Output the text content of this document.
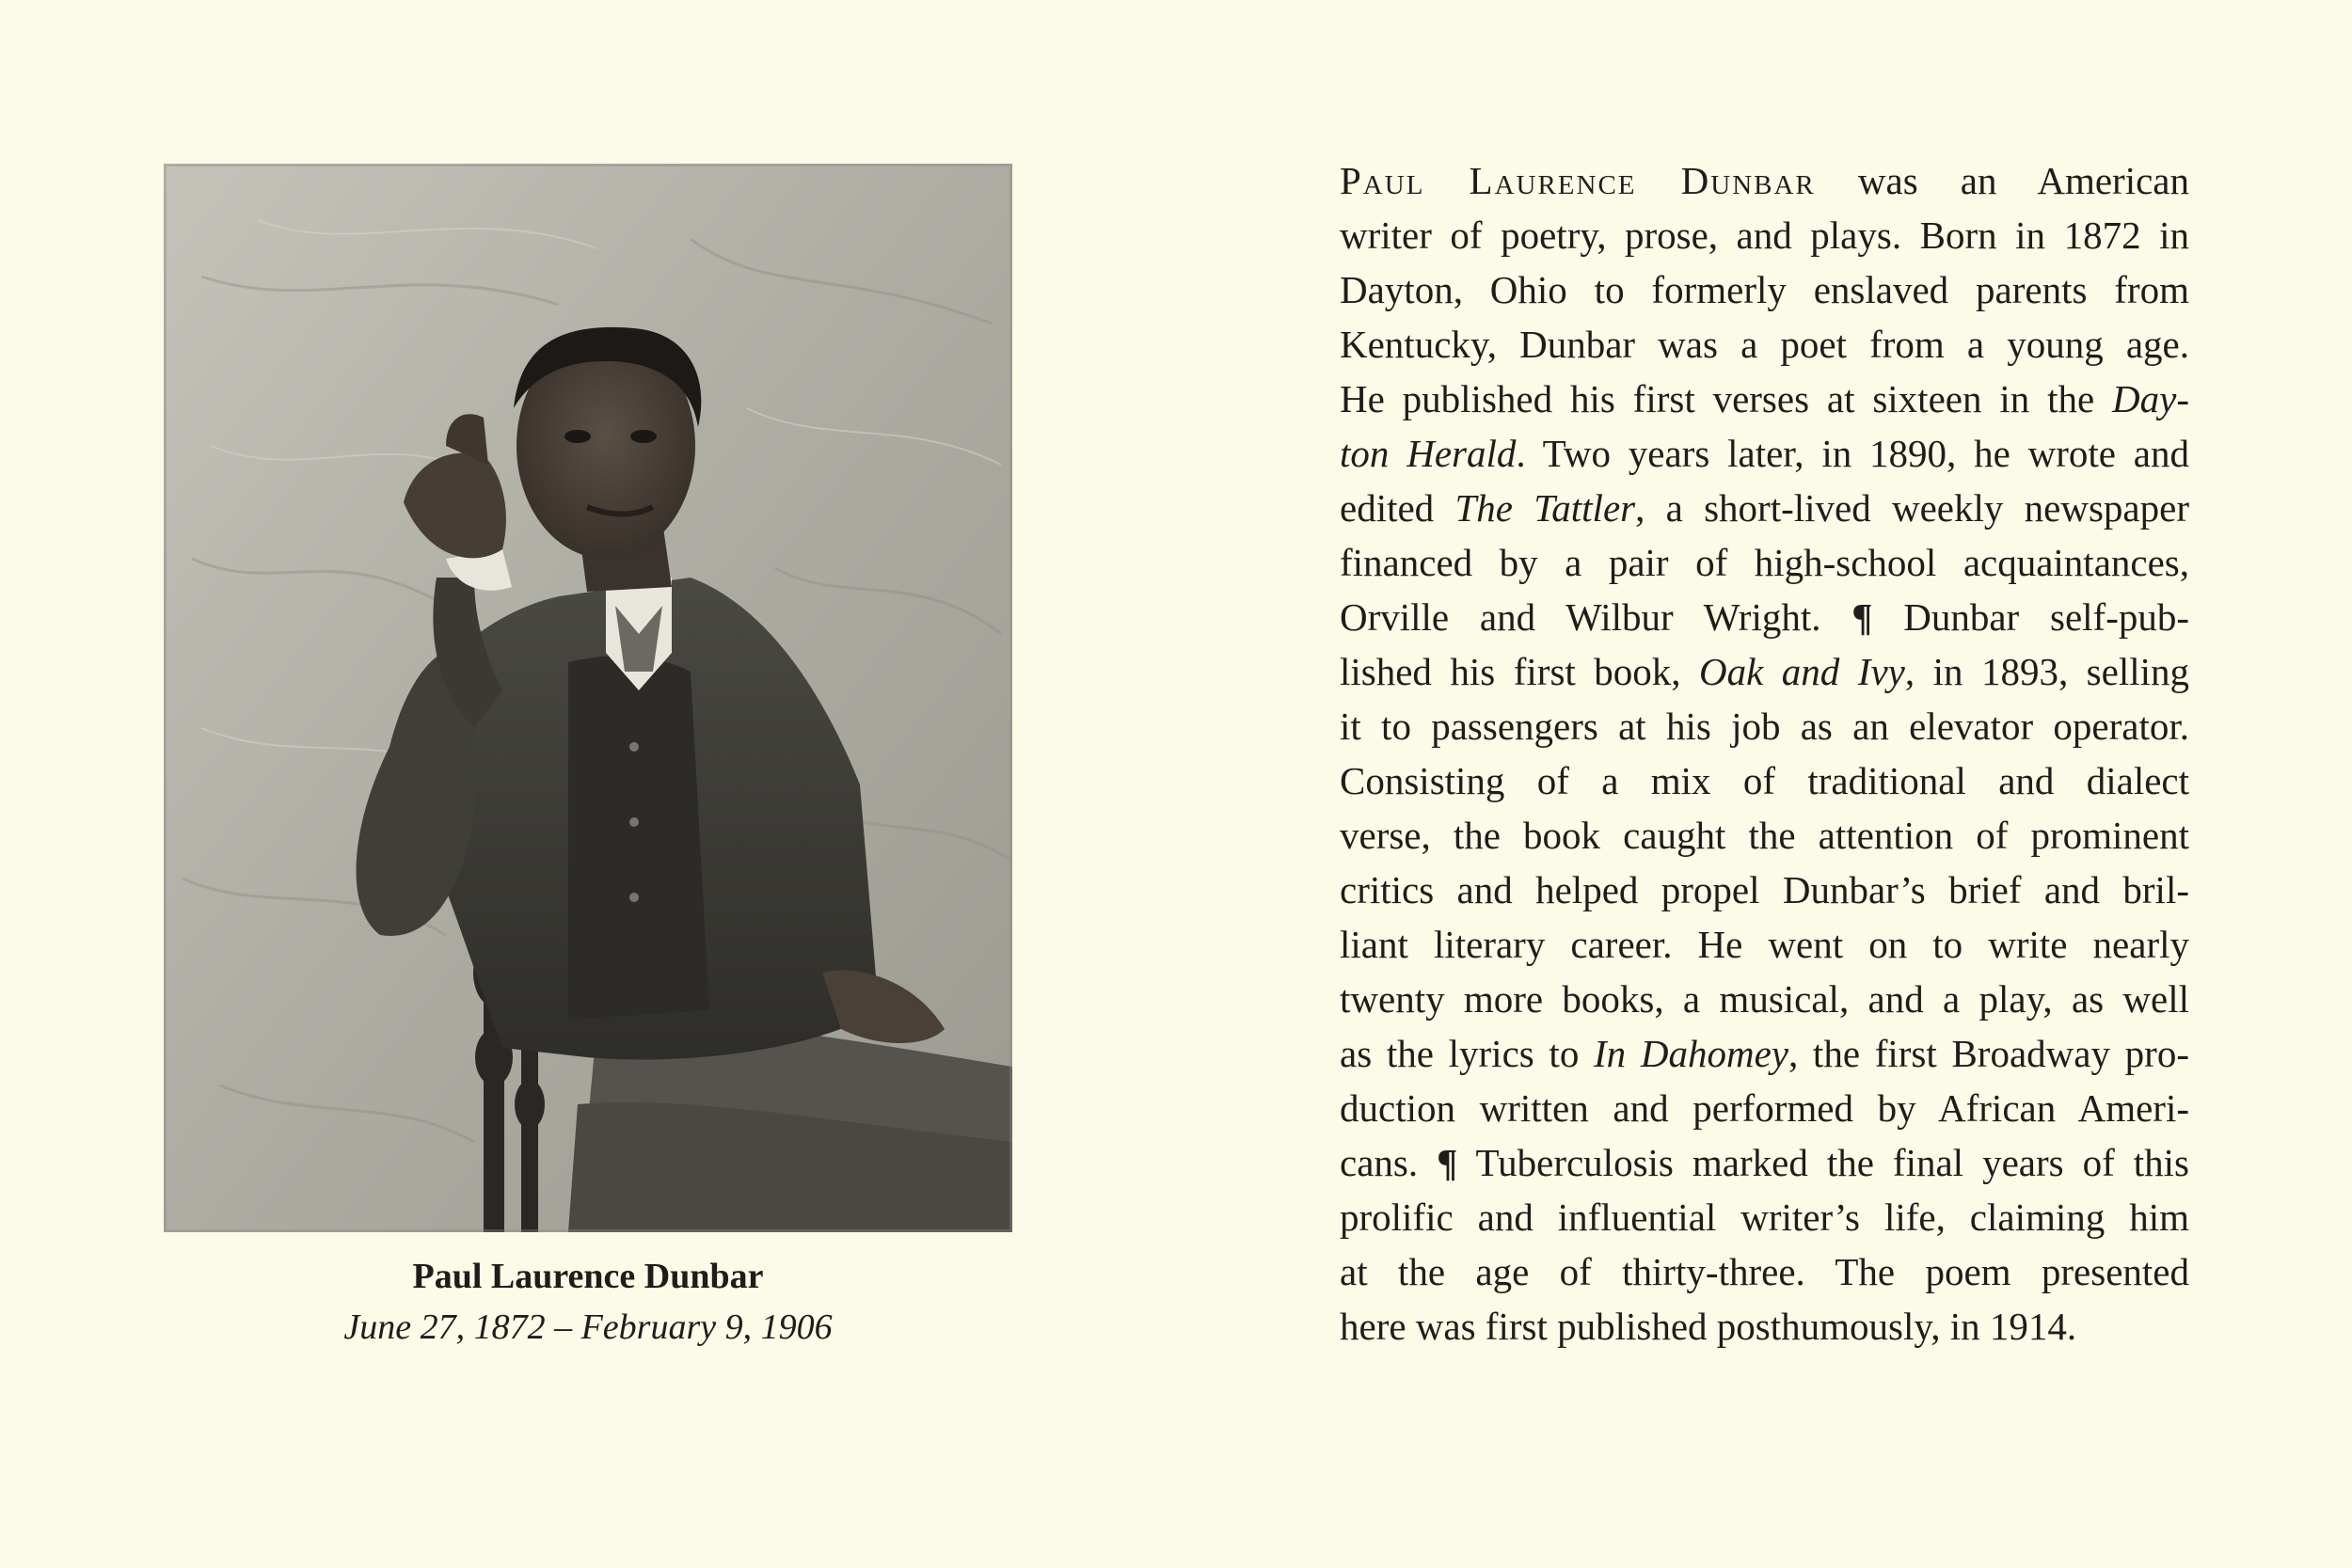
Paul Laurence Dunbar
June 27, 1872 – February 9, 1906
Paul Laurence Dunbar was an American
writer of poetry, prose, and plays. Born in 1872 in
Dayton, Ohio to formerly enslaved parents from
Kentucky, Dunbar was a poet from a young age.
He published his first verses at sixteen in the Day-
ton Herald. Two years later, in 1890, he wrote and
edited The Tattler, a short-lived weekly newspaper
financed by a pair of high-school acquaintances,
Orville and Wilbur Wright. ¶ Dunbar self-pub-
lished his first book, Oak and Ivy, in 1893, selling
it to passengers at his job as an elevator operator.
Consisting of a mix of traditional and dialect
verse, the book caught the attention of prominent
critics and helped propel Dunbar’s brief and bril-
liant literary career. He went on to write nearly
twenty more books, a musical, and a play, as well
as the lyrics to In Dahomey, the first Broadway pro-
duction written and performed by African Ameri-
cans. ¶ Tuberculosis marked the final years of this
prolific and influential writer’s life, claiming him
at the age of thirty-three. The poem presented
here was first published posthumously, in 1914.
